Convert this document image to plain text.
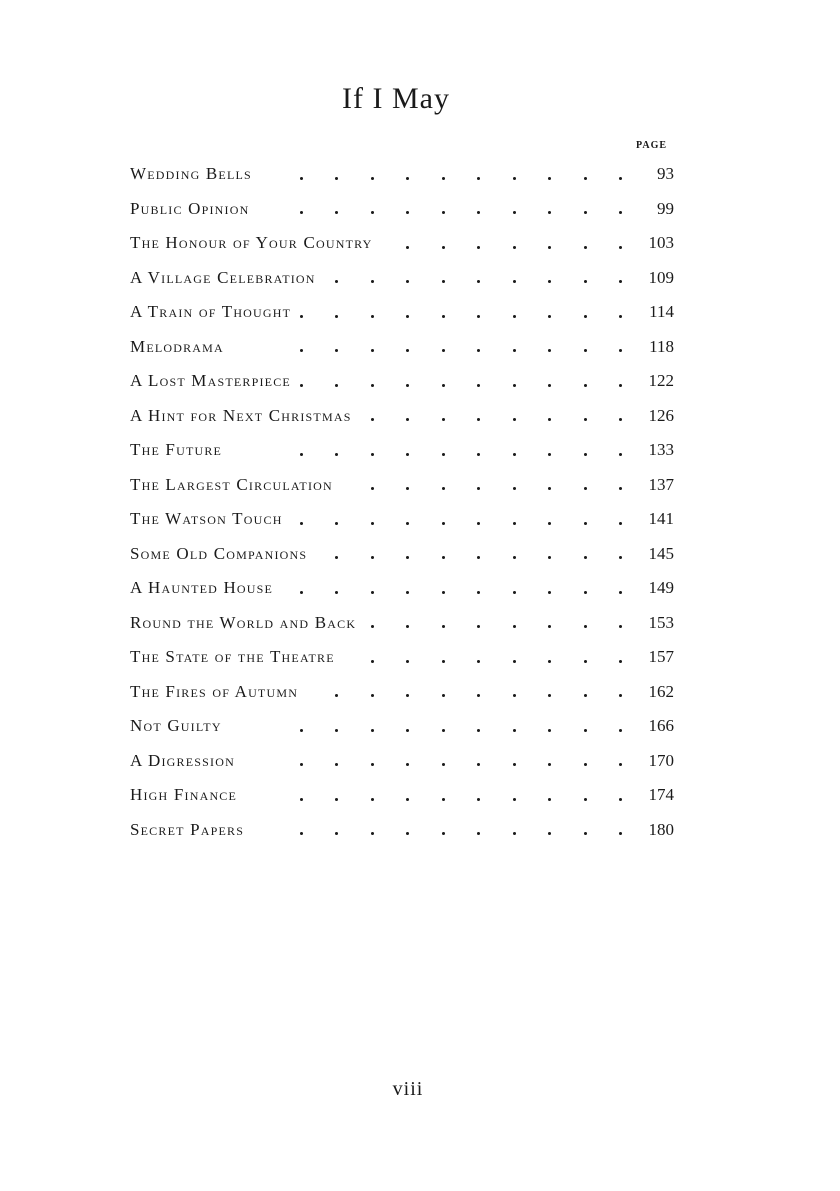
If I May
PAGE
Wedding Bells	93
Public Opinion	99
The Honour of Your Country	103
A Village Celebration	109
A Train of Thought	114
Melodrama	118
A Lost Masterpiece	122
A Hint for Next Christmas	126
The Future	133
The Largest Circulation	137
The Watson Touch	141
Some Old Companions	145
A Haunted House	149
Round the World and Back	153
The State of the Theatre	157
The Fires of Autumn	162
Not Guilty	166
A Digression	170
High Finance	174
Secret Papers	180
viii
